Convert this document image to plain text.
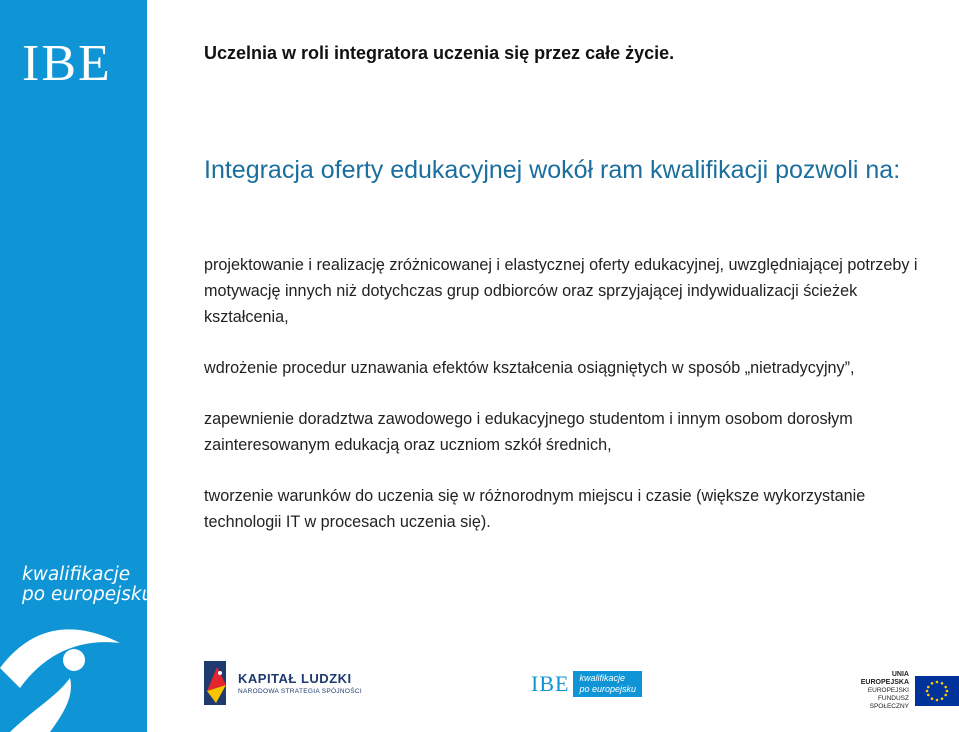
IBE
kwalifikacje
po europejsku
Uczelnia w roli integratora uczenia się przez całe życie.
Integracja oferty edukacyjnej wokół ram kwalifikacji pozwoli na:

projektowanie i realizację zróżnicowanej i elastycznej oferty edukacyjnej, uwzględniającej potrzeby i motywację innych niż dotychczas grup odbiorców oraz sprzyjającej indywidualizacji ścieżek kształcenia,

wdrożenie procedur uznawania efektów kształcenia osiągniętych w sposób „nietradycyjny”,

zapewnienie doradztwa zawodowego i edukacyjnego studentom i innym osobom dorosłym zainteresowanym edukacją oraz uczniom szkół średnich,

tworzenie warunków do uczenia się w różnorodnym miejscu i czasie (większe wykorzystanie technologii IT w procesach uczenia się).

KAPITAŁ LUDZKI
NARODOWA STRATEGIA SPÓJNOŚCI	IBE kwalifikacje
po europejsku
UNIA EUROPEJSKA
EUROPEJSKI
FUNDUSZ SPOŁECZNY
